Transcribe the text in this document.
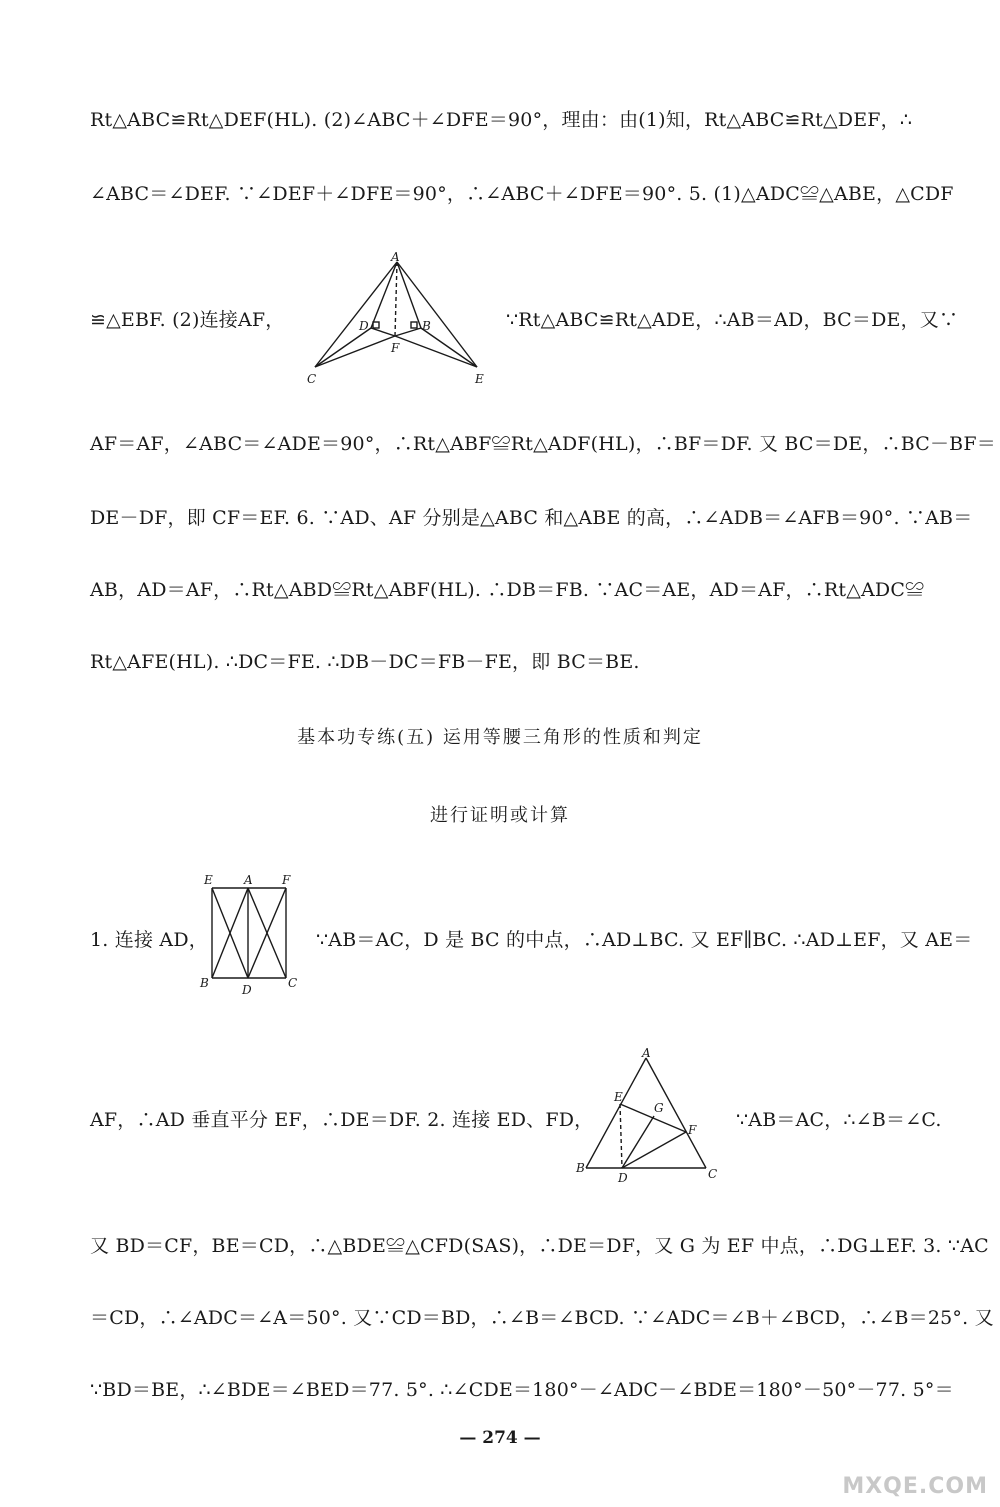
Rt△ABC≌Rt△DEF(HL). (2)∠ABC＋∠DFE＝90°，理由：由(1)知，Rt△ABC≌Rt△DEF，∴
∠ABC＝∠DEF. ∵∠DEF＋∠DFE＝90°，∴∠ABC＋∠DFE＝90°. 5. (1)△ADC≌△ABE，△CDF
≌△EBF. (2)连接AF，	∵Rt△ABC≌Rt△ADE，∴AB＝AD，BC＝DE，又∵
AF＝AF，∠ABC＝∠ADE＝90°，∴Rt△ABF≌Rt△ADF(HL)，∴BF＝DF. 又 BC＝DE，∴BC－BF＝
DE－DF，即 CF＝EF. 6. ∵AD、AF 分别是△ABC 和△ABE 的高，∴∠ADB＝∠AFB＝90°. ∵AB＝
AB，AD＝AF，∴Rt△ABD≌Rt△ABF(HL). ∴DB＝FB. ∵AC＝AE，AD＝AF，∴Rt△ADC≌
Rt△AFE(HL). ∴DC＝FE. ∴DB－DC＝FB－FE，即 BC＝BE.
基本功专练(五) 运用等腰三角形的性质和判定
进行证明或计算
1. 连接 AD，	∵AB＝AC，D 是 BC 的中点，∴AD⊥BC. 又 EF∥BC. ∴AD⊥EF，又 AE＝
AF，∴AD 垂直平分 EF，∴DE＝DF. 2. 连接 ED、FD，	∵AB＝AC，∴∠B＝∠C.
又 BD＝CF，BE＝CD，∴△BDE≌△CFD(SAS)，∴DE＝DF，又 G 为 EF 中点，∴DG⊥EF. 3. ∵AC
＝CD，∴∠ADC＝∠A＝50°. 又∵CD＝BD，∴∠B＝∠BCD. ∵∠ADC＝∠B＋∠BCD，∴∠B＝25°. 又
∵BD＝BE，∴∠BDE＝∠BED＝77. 5°. ∴∠CDE＝180°－∠ADC－∠BDE＝180°－50°－77. 5°＝
A
C	E
D	B
F
E	A F
B	D	C
A
E
G
F
B
D	C
— 274 —
MXQE.COM
